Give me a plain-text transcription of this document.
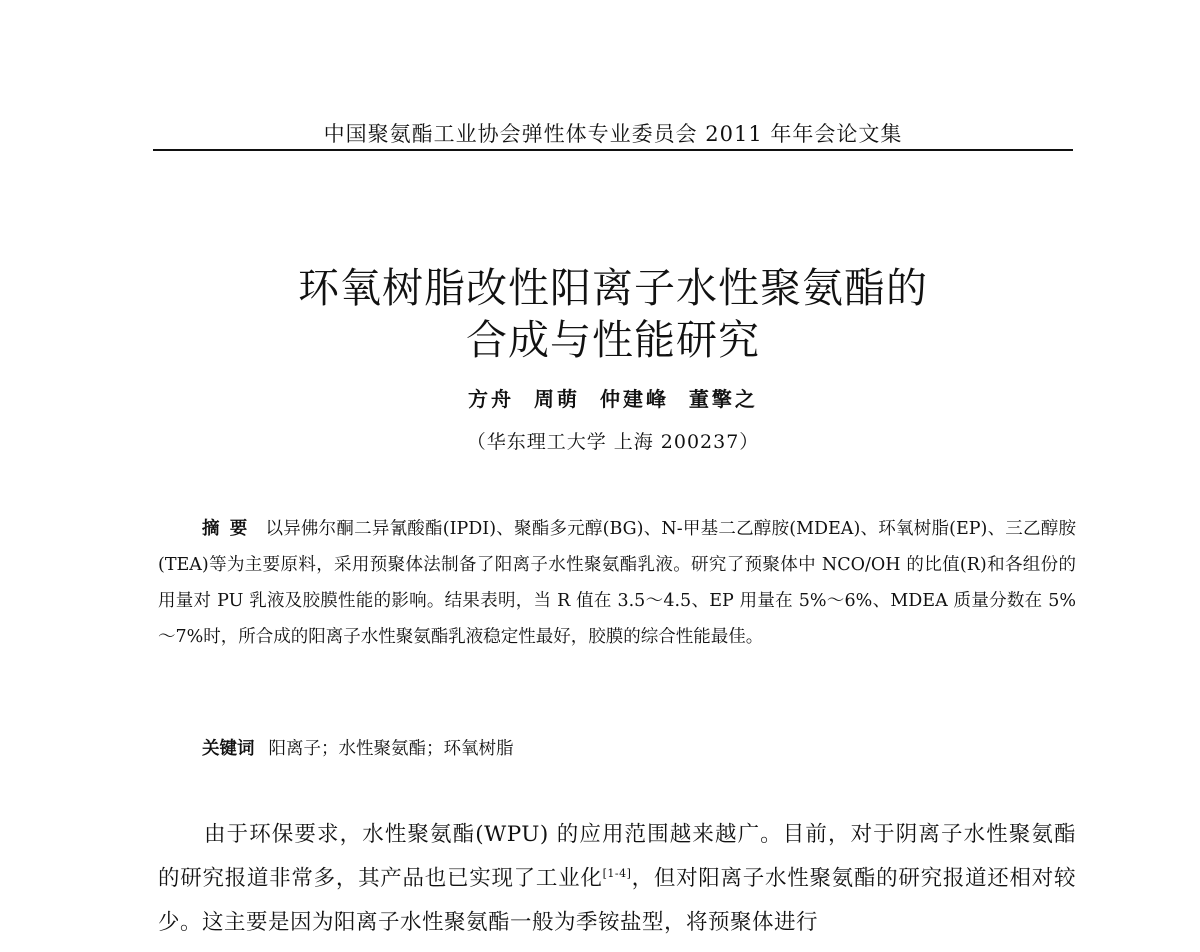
中国聚氨酯工业协会弹性体专业委员会 2011 年年会论文集
环氧树脂改性阳离子水性聚氨酯的
合成与性能研究
方舟 周萌 仲建峰 董擎之
（华东理工大学 上海 200237）

摘要 以异佛尔酮二异氰酸酯(IPDI)、聚酯多元醇(BG)、N-甲基二乙醇胺(MDEA)、环氧树脂(EP)、三乙醇胺(TEA)等为主要原料，采用预聚体法制备了阳离子水性聚氨酯乳液。研究了预聚体中 NCO/OH 的比值(R)和各组份的用量对 PU 乳液及胶膜性能的影响。结果表明，当 R 值在 3.5～4.5、EP 用量在 5%～6%、MDEA 质量分数在 5%～7%时，所合成的阳离子水性聚氨酯乳液稳定性最好，胶膜的综合性能最佳。

关键词 阳离子；水性聚氨酯；环氧树脂

由于环保要求，水性聚氨酯(WPU) 的应用范围越来越广。目前，对于阴离子水性聚氨酯的研究报道非常多，其产品也已实现了工业化[1-4]，但对阳离子水性聚氨酯的研究报道还相对较少。这主要是因为阳离子水性聚氨酯一般为季铵盐型，将预聚体进行
